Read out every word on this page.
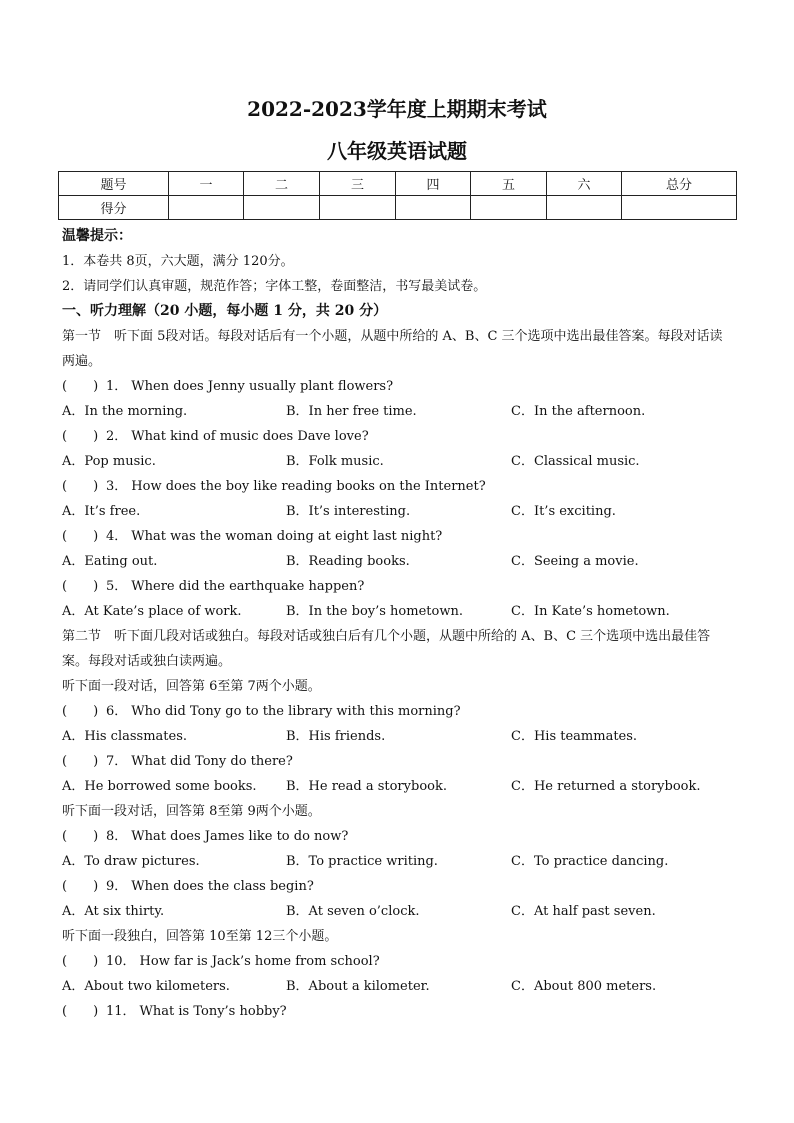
2022-2023学年度上期期末考试
八年级英语试题
题号	一	二	三	四	五	六	总分
得分							
温馨提示：
1．本卷共 8页，六大题，满分 120分。
2．请同学们认真审题，规范作答；字体工整，卷面整洁，书写最美试卷。
一、听力理解（20 小题，每小题 1 分，共 20 分）
第一节　听下面 5段对话。每段对话后有一个小题，从题中所给的 A、B、C 三个选项中选出最佳答案。每段对话读两遍。
(　　) 1． When does Jenny usually plant flowers?
A．In the morning.	B．In her free time.	C．In the afternoon.
(　　) 2． What kind of music does Dave love?
A．Pop music.	B．Folk music.	C．Classical music.
(　　) 3． How does the boy like reading books on the Internet?
A．It’s free.	B．It’s interesting.	C．It’s exciting.
(　　) 4． What was the woman doing at eight last night?
A．Eating out.	B．Reading books.	C．Seeing a movie.
(　　) 5． Where did the earthquake happen?
A．At Kate’s place of work.	B．In the boy’s hometown.	C．In Kate’s hometown.
第二节　听下面几段对话或独白。每段对话或独白后有几个小题，从题中所给的 A、B、C 三个选项中选出最佳答案。每段对话或独白读两遍。
听下面一段对话，回答第 6至第 7两个小题。
(　　) 6． Who did Tony go to the library with this morning?
A．His classmates.	B．His friends.	C．His teammates.
(　　) 7． What did Tony do there?
A．He borrowed some books.	B．He read a storybook.	C．He returned a storybook.
听下面一段对话，回答第 8至第 9两个小题。
(　　) 8． What does James like to do now?
A．To draw pictures.	B．To practice writing.	C．To practice dancing.
(　　) 9． When does the class begin?
A．At six thirty.	B．At seven o’clock.	C．At half past seven.
听下面一段独白，回答第 10至第 12三个小题。
(　　) 10． How far is Jack’s home from school?
A．About two kilometers.	B．About a kilometer.	C．About 800 meters.
(　　) 11． What is Tony’s hobby?
